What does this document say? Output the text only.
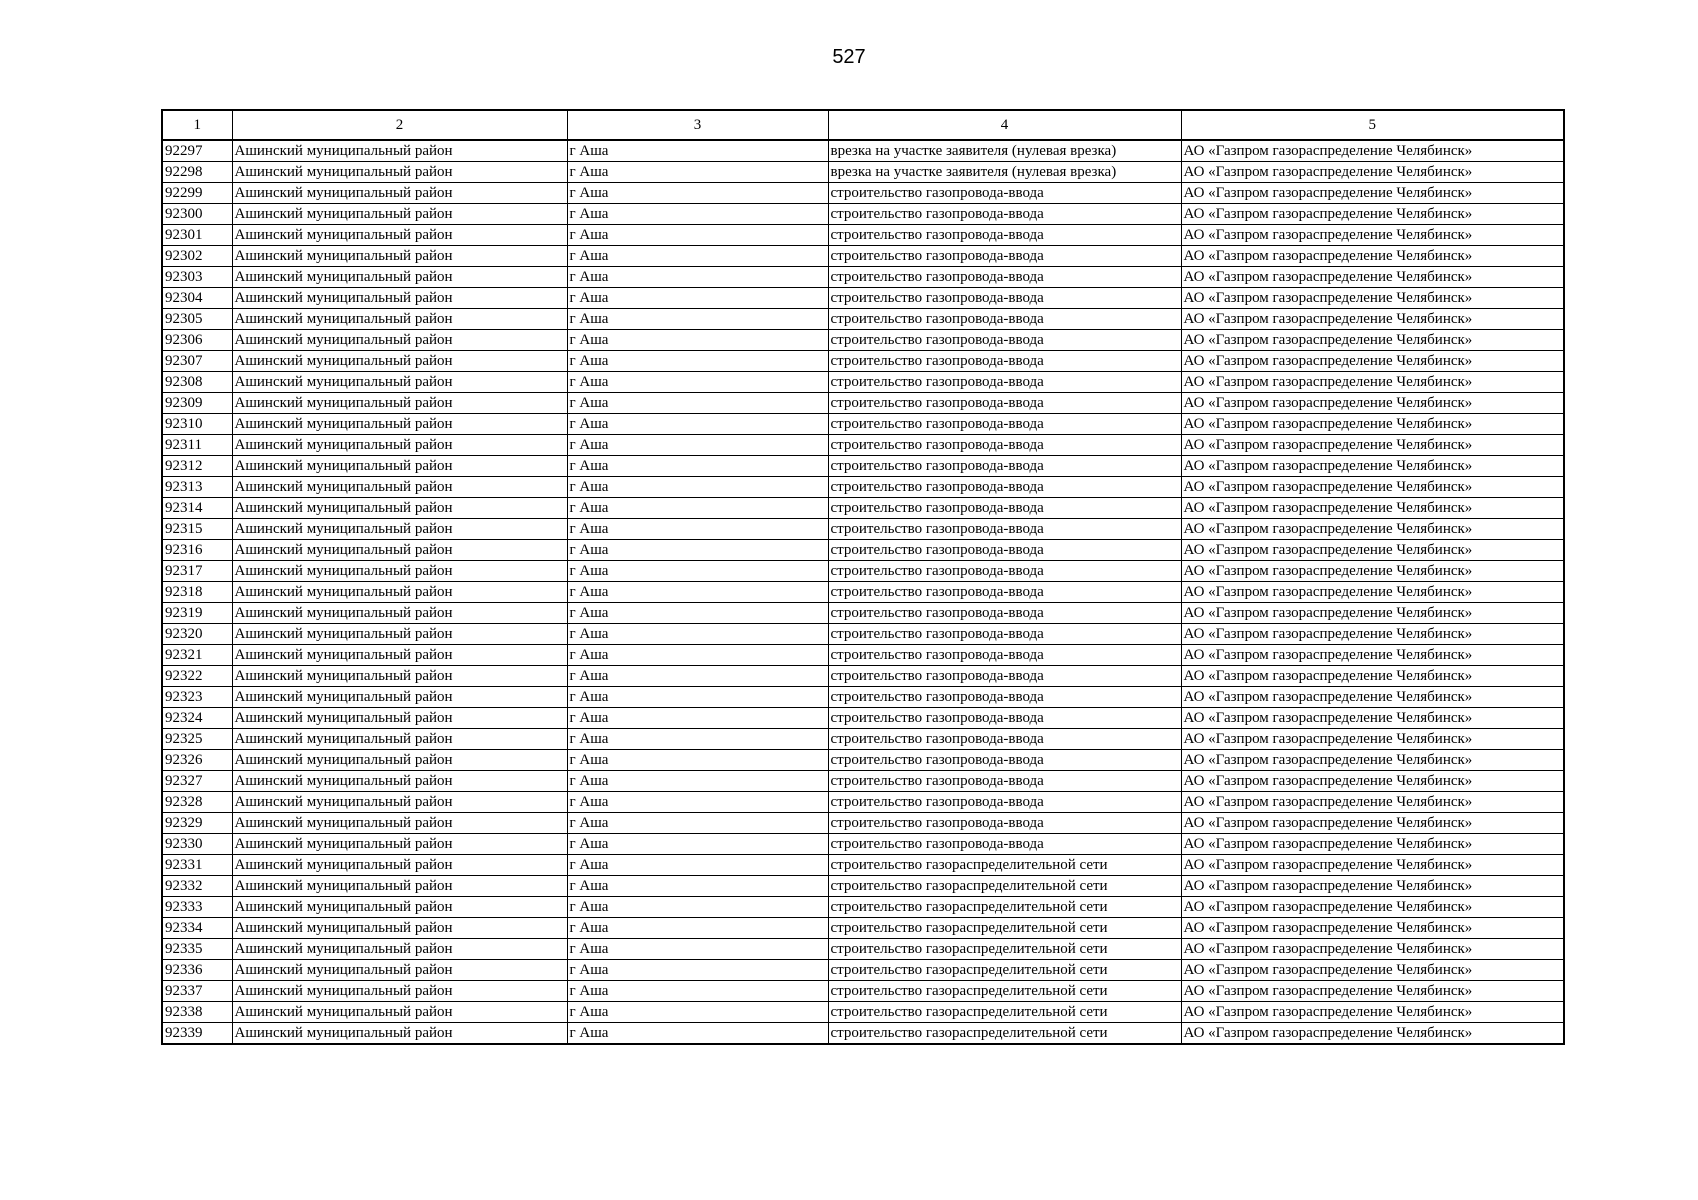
527
1	2	3	4	5
92297	Ашинский муниципальный район	г Аша	врезка на участке заявителя (нулевая врезка)	АО «Газпром газораспределение Челябинск»
92298	Ашинский муниципальный район	г Аша	врезка на участке заявителя (нулевая врезка)	АО «Газпром газораспределение Челябинск»
92299	Ашинский муниципальный район	г Аша	строительство газопровода-ввода	АО «Газпром газораспределение Челябинск»
92300	Ашинский муниципальный район	г Аша	строительство газопровода-ввода	АО «Газпром газораспределение Челябинск»
92301	Ашинский муниципальный район	г Аша	строительство газопровода-ввода	АО «Газпром газораспределение Челябинск»
92302	Ашинский муниципальный район	г Аша	строительство газопровода-ввода	АО «Газпром газораспределение Челябинск»
92303	Ашинский муниципальный район	г Аша	строительство газопровода-ввода	АО «Газпром газораспределение Челябинск»
92304	Ашинский муниципальный район	г Аша	строительство газопровода-ввода	АО «Газпром газораспределение Челябинск»
92305	Ашинский муниципальный район	г Аша	строительство газопровода-ввода	АО «Газпром газораспределение Челябинск»
92306	Ашинский муниципальный район	г Аша	строительство газопровода-ввода	АО «Газпром газораспределение Челябинск»
92307	Ашинский муниципальный район	г Аша	строительство газопровода-ввода	АО «Газпром газораспределение Челябинск»
92308	Ашинский муниципальный район	г Аша	строительство газопровода-ввода	АО «Газпром газораспределение Челябинск»
92309	Ашинский муниципальный район	г Аша	строительство газопровода-ввода	АО «Газпром газораспределение Челябинск»
92310	Ашинский муниципальный район	г Аша	строительство газопровода-ввода	АО «Газпром газораспределение Челябинск»
92311	Ашинский муниципальный район	г Аша	строительство газопровода-ввода	АО «Газпром газораспределение Челябинск»
92312	Ашинский муниципальный район	г Аша	строительство газопровода-ввода	АО «Газпром газораспределение Челябинск»
92313	Ашинский муниципальный район	г Аша	строительство газопровода-ввода	АО «Газпром газораспределение Челябинск»
92314	Ашинский муниципальный район	г Аша	строительство газопровода-ввода	АО «Газпром газораспределение Челябинск»
92315	Ашинский муниципальный район	г Аша	строительство газопровода-ввода	АО «Газпром газораспределение Челябинск»
92316	Ашинский муниципальный район	г Аша	строительство газопровода-ввода	АО «Газпром газораспределение Челябинск»
92317	Ашинский муниципальный район	г Аша	строительство газопровода-ввода	АО «Газпром газораспределение Челябинск»
92318	Ашинский муниципальный район	г Аша	строительство газопровода-ввода	АО «Газпром газораспределение Челябинск»
92319	Ашинский муниципальный район	г Аша	строительство газопровода-ввода	АО «Газпром газораспределение Челябинск»
92320	Ашинский муниципальный район	г Аша	строительство газопровода-ввода	АО «Газпром газораспределение Челябинск»
92321	Ашинский муниципальный район	г Аша	строительство газопровода-ввода	АО «Газпром газораспределение Челябинск»
92322	Ашинский муниципальный район	г Аша	строительство газопровода-ввода	АО «Газпром газораспределение Челябинск»
92323	Ашинский муниципальный район	г Аша	строительство газопровода-ввода	АО «Газпром газораспределение Челябинск»
92324	Ашинский муниципальный район	г Аша	строительство газопровода-ввода	АО «Газпром газораспределение Челябинск»
92325	Ашинский муниципальный район	г Аша	строительство газопровода-ввода	АО «Газпром газораспределение Челябинск»
92326	Ашинский муниципальный район	г Аша	строительство газопровода-ввода	АО «Газпром газораспределение Челябинск»
92327	Ашинский муниципальный район	г Аша	строительство газопровода-ввода	АО «Газпром газораспределение Челябинск»
92328	Ашинский муниципальный район	г Аша	строительство газопровода-ввода	АО «Газпром газораспределение Челябинск»
92329	Ашинский муниципальный район	г Аша	строительство газопровода-ввода	АО «Газпром газораспределение Челябинск»
92330	Ашинский муниципальный район	г Аша	строительство газопровода-ввода	АО «Газпром газораспределение Челябинск»
92331	Ашинский муниципальный район	г Аша	строительство газораспределительной сети	АО «Газпром газораспределение Челябинск»
92332	Ашинский муниципальный район	г Аша	строительство газораспределительной сети	АО «Газпром газораспределение Челябинск»
92333	Ашинский муниципальный район	г Аша	строительство газораспределительной сети	АО «Газпром газораспределение Челябинск»
92334	Ашинский муниципальный район	г Аша	строительство газораспределительной сети	АО «Газпром газораспределение Челябинск»
92335	Ашинский муниципальный район	г Аша	строительство газораспределительной сети	АО «Газпром газораспределение Челябинск»
92336	Ашинский муниципальный район	г Аша	строительство газораспределительной сети	АО «Газпром газораспределение Челябинск»
92337	Ашинский муниципальный район	г Аша	строительство газораспределительной сети	АО «Газпром газораспределение Челябинск»
92338	Ашинский муниципальный район	г Аша	строительство газораспределительной сети	АО «Газпром газораспределение Челябинск»
92339	Ашинский муниципальный район	г Аша	строительство газораспределительной сети	АО «Газпром газораспределение Челябинск»
